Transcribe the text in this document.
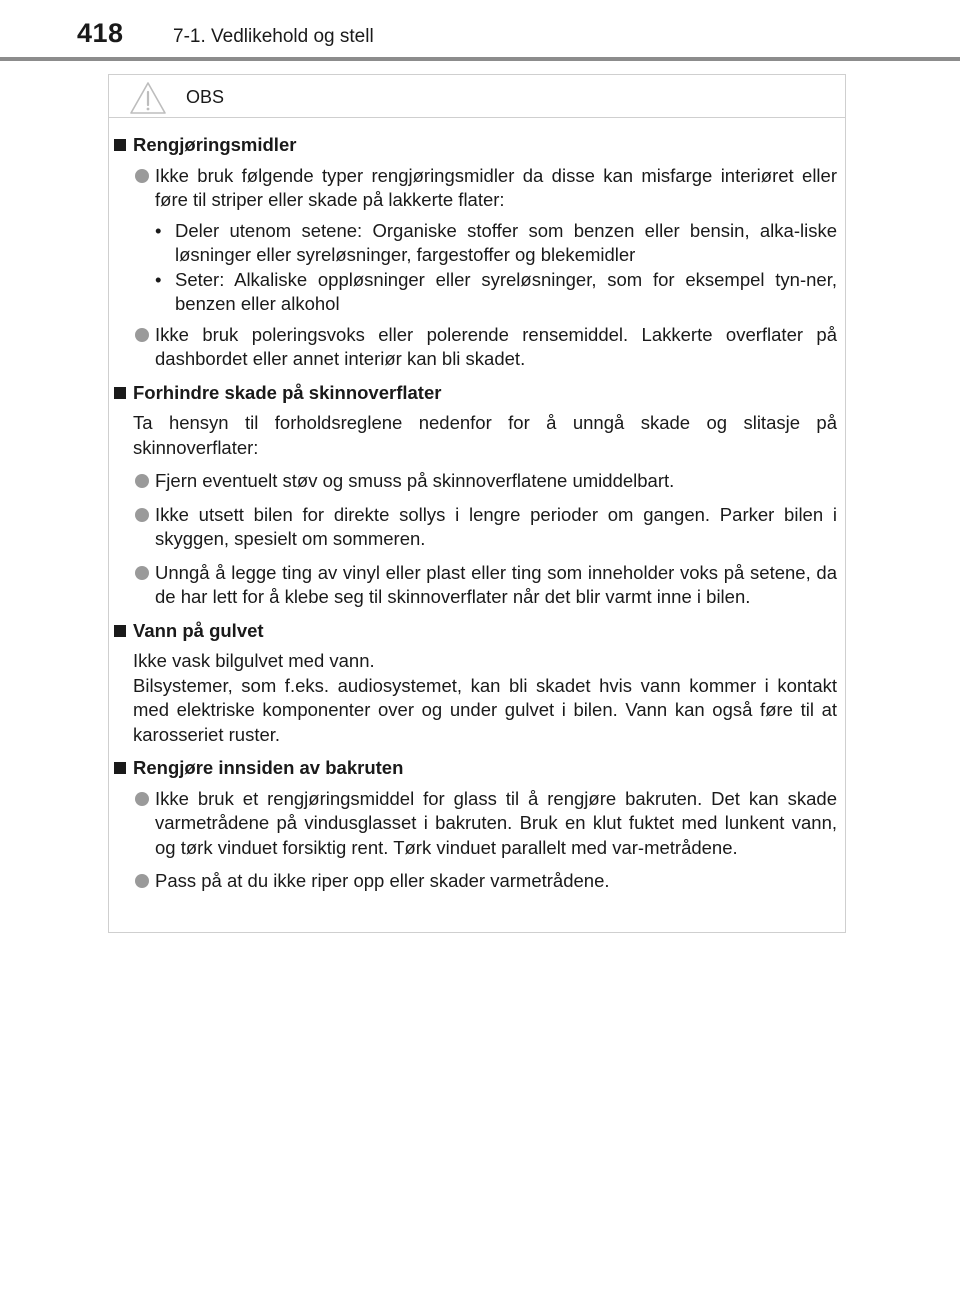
418	7-1. Vedlikehold og stell
OBS
Rengjøringsmidler
Ikke bruk følgende typer rengjøringsmidler da disse kan misfarge interiøret eller føre til striper eller skade på lakkerte flater:
• Deler utenom setene: Organiske stoffer som benzen eller bensin, alka-liske løsninger eller syreløsninger, fargestoffer og blekemidler
• Seter: Alkaliske oppløsninger eller syreløsninger, som for eksempel tyn-ner, benzen eller alkohol
Ikke bruk poleringsvoks eller polerende rensemiddel. Lakkerte overflater på dashbordet eller annet interiør kan bli skadet.
Forhindre skade på skinnoverflater
Ta hensyn til forholdsreglene nedenfor for å unngå skade og slitasje på skinnoverflater:
Fjern eventuelt støv og smuss på skinnoverflatene umiddelbart.
Ikke utsett bilen for direkte sollys i lengre perioder om gangen. Parker bilen i skyggen, spesielt om sommeren.
Unngå å legge ting av vinyl eller plast eller ting som inneholder voks på setene, da de har lett for å klebe seg til skinnoverflater når det blir varmt inne i bilen.
Vann på gulvet
Ikke vask bilgulvet med vann.
Bilsystemer, som f.eks. audiosystemet, kan bli skadet hvis vann kommer i kontakt med elektriske komponenter over og under gulvet i bilen. Vann kan også føre til at karosseriet ruster.
Rengjøre innsiden av bakruten
Ikke bruk et rengjøringsmiddel for glass til å rengjøre bakruten. Det kan skade varmetrådene på vindusglasset i bakruten. Bruk en klut fuktet med lunkent vann, og tørk vinduet forsiktig rent. Tørk vinduet parallelt med var-metrådene.
Pass på at du ikke riper opp eller skader varmetrådene.
